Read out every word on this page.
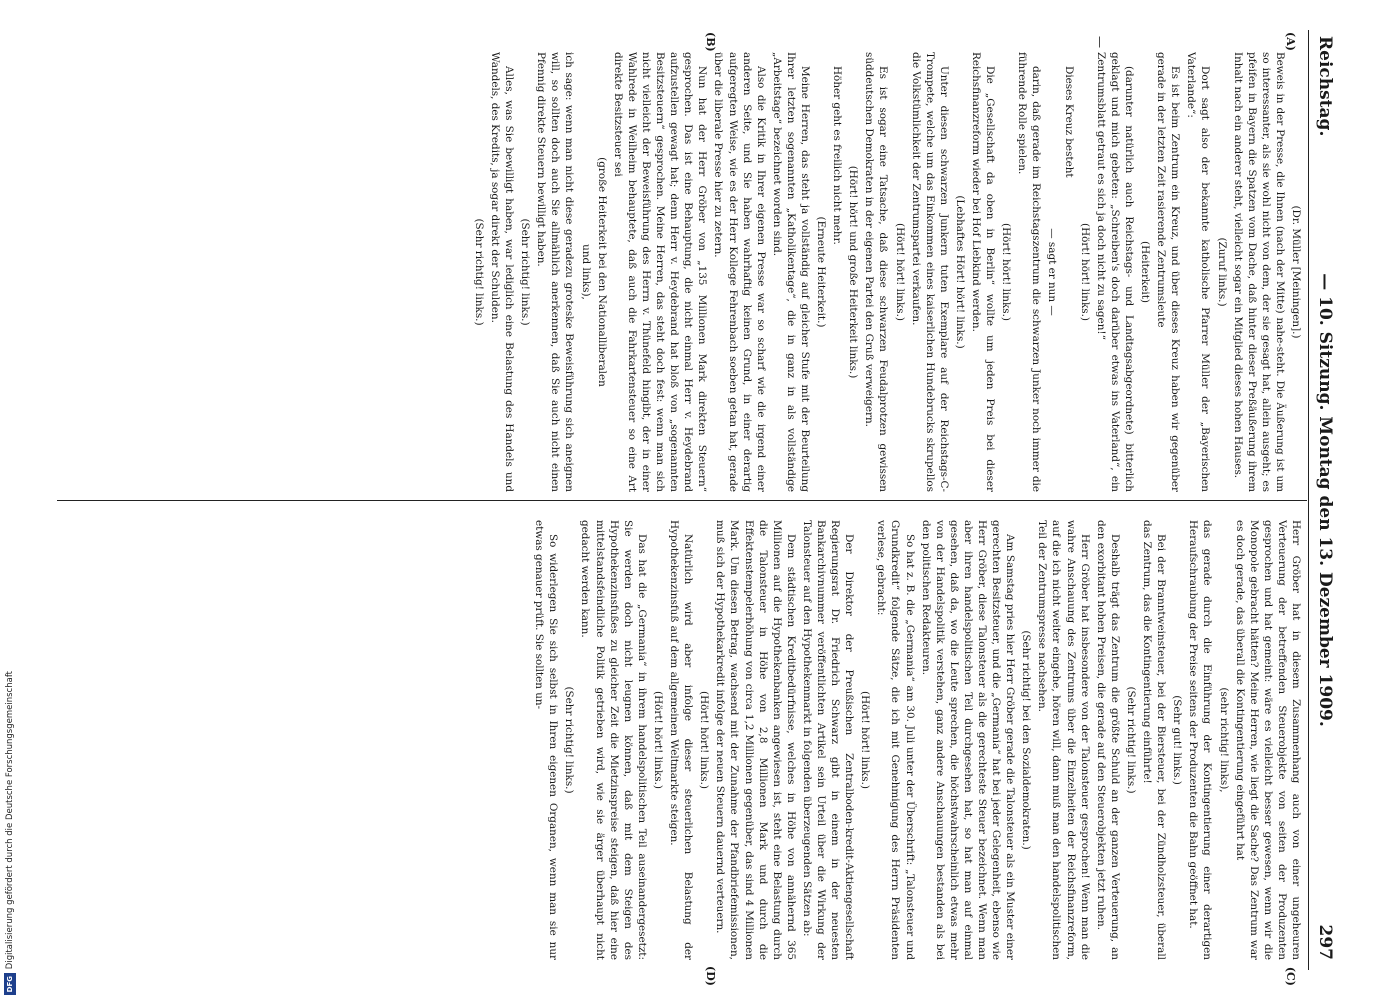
Digitalisierung gefördert durch die Deutsche Forschungsgemeinschaft
DFG
Reichstag.
— 10. Sitzung. Montag den 13. Dezember 1909.
297
(A)
(B)
(C)
(D)
—

(Dr. Müller [Meiningen].)

Beweis in der Presse, die Ihnen (nach der Mitte) nahe-steht. Die Äußerung ist um so interessanter, als sie wohl nicht von dem, der sie gesagt hat, allein ausgeht; es pfeifen in Bayern die Spatzen vom Dache, daß hinter dieser Preßäußerung ihrem Inhalt nach ein anderer steht, vielleicht sogar ein Mitglied dieses hohen Hauses.

(Zuruf links.)

Dort sagt also der bekannte katholische Pfarrer Müller der „Bayerischen Vaterlande“:

Es ist beim Zentrum ein Kreuz, und über dieses Kreuz haben wir gegenüber gerade in der letzten Zeit rasierende Zentrumsleute

(Heiterkeit)

(darunter natürlich auch Reichstags- und Landtagsabgeordnete) bitterlich geklagt und mich gebeten: „Schreiben's doch darüber etwas ins Vaterland“, ein Zentrumsblatt getraut es sich ja doch nicht zu sagen!“

(Hört! hört! links.)

Dieses Kreuz besteht

— sagt er nun —

darin, daß gerade im Reichstagszentrum die schwarzen Junker noch immer die führende Rolle spielen.

(Hört! hört! links.)

Die „Gesellschaft da oben in Berlin“ wollte um jeden Preis bei dieser Reichsfinanzreform wieder bei Hof Liebkind werden.

(Lebhaftes Hört! hört! links.)

Unter diesen schwarzen Junkern tuten Exemplare auf der Reichstags-C-Trompete, welche um das Einkommen eines kaiserlichen Hundebrucks skrupellos die Volkstümlichkeit der Zentrumspartei verkaufen.

(Hört! hört! links.)

Es ist sogar eine Tatsache, daß diese schwarzen Feudalprotzen gewissen süddeutschen Demokraten in der eigenen Partei den Gruß verweigern.

(Hört! hört! und große Heiterkeit links.)

Höher geht es freilich nicht mehr.

(Erneute Heiterkeit.)

Meine Herren, das steht ja vollständig auf gleicher Stufe mit der Beurteilung Ihrer letzten sogenannten „Katholikentage“, die in ganz in als vollständige „Arbeitstage“ bezeichnet worden sind.

Also die Kritik in Ihrer eigenen Presse war so scharf wie die irgend einer anderen Seite, und Sie haben wahrhaftig keinen Grund, in einer derartig aufgeregten Weise, wie es der Herr Kollege Fehrenbach soeben getan hat, gerade über die liberale Presse hier zu zetern.

Nun hat der Herr Gröber von „135 Millionen Mark direkten Steuern“ gesprochen. Das ist eine Behauptung, die nicht einmal Herr v. Heydebrand aufzustellen gewagt hat; denn Herr v. Heydebrand hat bloß von „sogenannten Besitzsteuern“ gesprochen. Meine Herren, das steht doch fest: wenn man sich nicht vielleicht der Beweisführung des Herrn v. Thünefeld hingibt, der in einer Wahlrede in Weilheim behauptete, daß auch die Fahrkartensteuer so eine Art direkte Besitzsteuer sei

(große Heiterkeit bei den Nationalliberalen

und links),

ich sage: wenn man nicht diese geradezu groteske Beweisführung sich aneignen will, so sollten doch auch Sie allmählich anerkennen, daß Sie auch nicht einen Pfennig direkte Steuern bewilligt haben.

(Sehr richtig! links.)

Alles, was Sie bewilligt haben, war lediglich eine Belastung des Handels und Wandels, des Kredits, ja sogar direkt der Schulden.

(Sehr richtig! links.)

Herr Gröber hat in diesem Zusammenhang auch von einer ungeheuren Verteuerung der betreffenden Steuerobjekte von seiten der Produzenten gesprochen und hat gemeint: wäre es vielleicht besser gewesen, wenn wir die Monopole gebracht hätten? Meine Herren, wie liegt die Sache? Das Zentrum war es doch gerade, das überall die Kontingentierung eingeführt hat

(sehr richtig! links),

das gerade durch die Einführung der Kontingentierung einer derartigen Heraufschraubung der Preise seitens der Produzenten die Bahn geöffnet hat.

(Sehr gut! links.)

Bei der Branntweinsteuer, bei der Biersteuer, bei der Zündholzsteuer, überall das Zentrum, das die Kontingentierung einführte!

(Sehr richtig! links.)

Deshalb trägt das Zentrum die größte Schuld an der ganzen Verteuerung, an den exorbitant hohen Preisen, die gerade auf den Steuerobjekten jetzt ruhen.

Herr Gröber hat insbesondere von der Talonsteuer gesprochen! Wenn man die wahre Anschauung des Zentrums über die Einzelheiten der Reichsfinanzreform, auf die ich nicht weiter eingehe, hören will, dann muß man den handelspolitischen Teil der Zentrumspresse nachsehen.

(Sehr richtig! bei den Sozialdemokraten.)

Am Samstag pries hier Herr Gröber gerade die Talonsteuer als ein Muster einer gerechten Besitzsteuer, und die „Germania“ hat bei jeder Gelegenheit, ebenso wie Herr Gröber, diese Talonsteuer als die gerechteste Steuer bezeichnet. Wenn man aber ihren handelspolitischen Teil durchgesehen hat, so hat man auf einmal gesehen, daß da, wo die Leute sprechen, die höchstwahrscheinlich etwas mehr von der Handelspolitik verstehen, ganz andere Anschauungen bestanden als bei den politischen Redakteuren.

So hat z. B. die „Germania“ am 30. Juli unter der Überschrift: „Talonsteuer und Grundkredit“ folgende Sätze, die ich mit Genehmigung des Herrn Präsidenten verlese, gebracht:

(Hört! hört! links.)

Der Direktor der Preußischen Zentralboden-kredit-Aktiengesellschaft Regierungsrat Dr. Friedrich Schwarz gibt in einem in der neuesten Bankarchivnummer veröffentlichten Artikel sein Urteil über die Wirkung der Talonsteuer auf den Hypothekenmarkt in folgenden überzeugenden Sätzen ab:

Dem städtischen Kreditbedürfnisse, welches in Höhe von annähernd 365 Millionen auf die Hypothekenbanken angewiesen ist, steht eine Belastung durch die Talonsteuer in Höhe von 2,8 Millionen Mark und durch die Effektenstempelerhöhung von circa 1,2 Millionen gegenüber, das sind 4 Millionen Mark. Um diesen Betrag, wachsend mit der Zunahme der Pfandbriefemissionen, muß sich der Hypothekarkredit infolge der neuen Steuern dauernd verteuern.

(Hört! hört! links.)

Natürlich wird aber infolge dieser steuerlichen Belastung der Hypothekenzinsfuß auf dem allgemeinen Weltmarkte steigen.

(Hört! hört! links.)

Das hat die „Germania“ in ihrem handelspolitischen Teil auseinandergesetzt: Sie werden doch nicht leugnen können, daß mit dem Steigen des Hypothekenzinsfußes zu gleicher Zeit die Mietzinspreise steigen, daß hier eine mittelstandsfeindliche Politik getrieben wird, wie sie ärger überhaupt nicht gedacht werden kann.

(Sehr richtig! links.)

So widerlegen Sie sich selbst in Ihren eigenen Organen, wenn man sie nur etwas genauer prüft. Sie sollten un-
